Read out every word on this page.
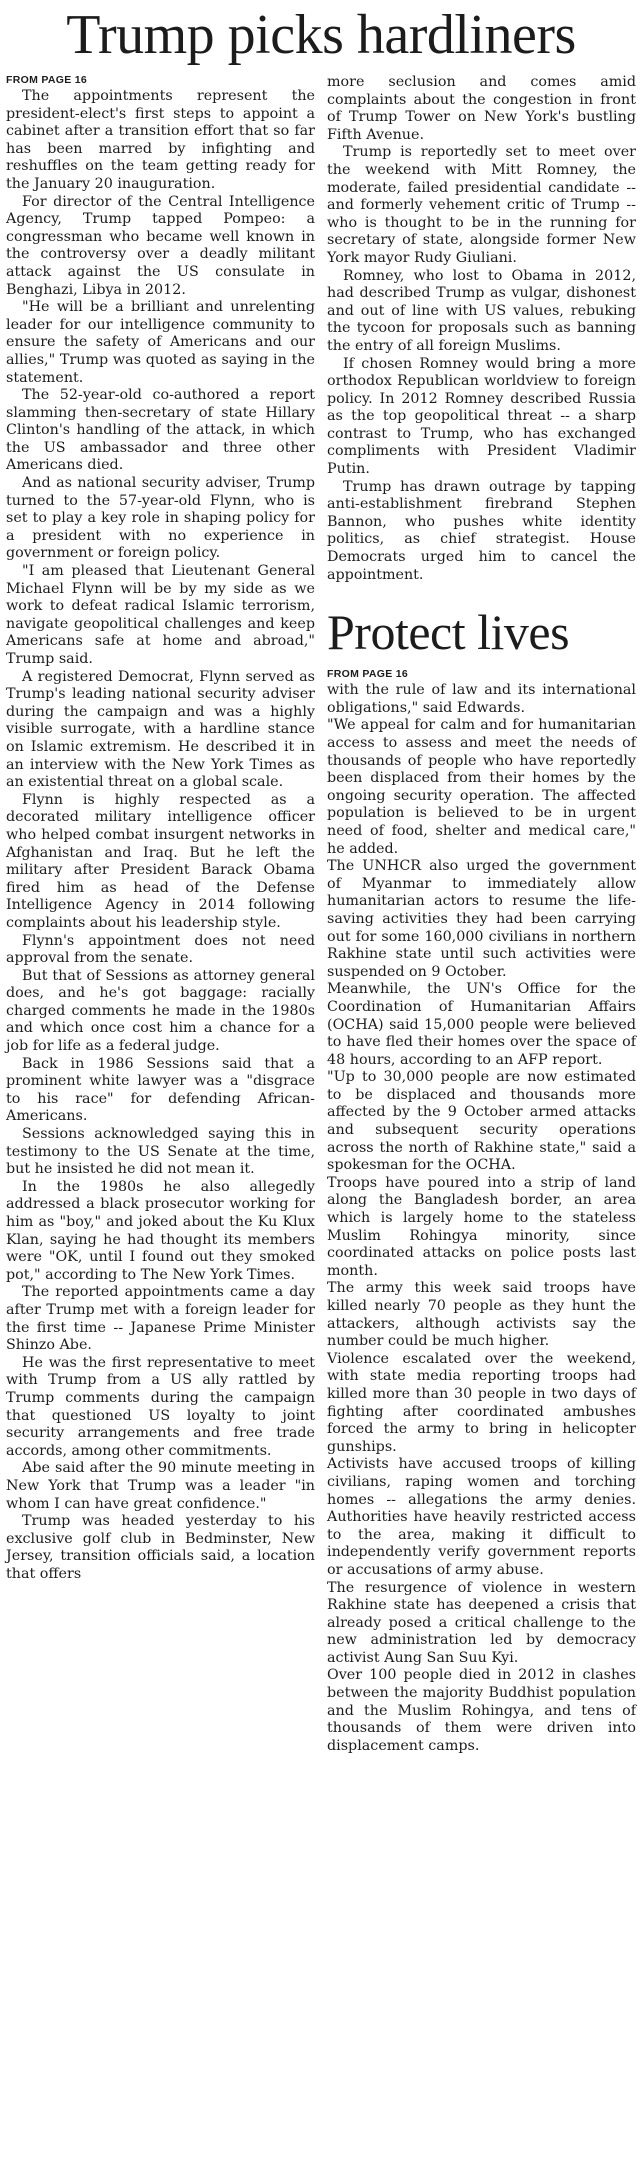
Trump picks hardliners
FROM PAGE 16

The appointments represent the president-elect's first steps to appoint a cabinet after a transition effort that so far has been marred by infighting and reshuffles on the team getting ready for the January 20 inauguration.

For director of the Central Intelligence Agency, Trump tapped Pompeo: a congressman who became well known in the controversy over a deadly militant attack against the US consulate in Benghazi, Libya in 2012.

"He will be a brilliant and unrelenting leader for our intelligence community to ensure the safety of Americans and our allies," Trump was quoted as saying in the statement.

The 52-year-old co-authored a report slamming then-secretary of state Hillary Clinton's handling of the attack, in which the US ambassador and three other Americans died.

And as national security adviser, Trump turned to the 57-year-old Flynn, who is set to play a key role in shaping policy for a president with no experience in government or foreign policy.

"I am pleased that Lieutenant General Michael Flynn will be by my side as we work to defeat radical Islamic terrorism, navigate geopolitical challenges and keep Americans safe at home and abroad," Trump said.

A registered Democrat, Flynn served as Trump's leading national security adviser during the campaign and was a highly visible surrogate, with a hardline stance on Islamic extremism. He described it in an interview with the New York Times as an existential threat on a global scale.

Flynn is highly respected as a decorated military intelligence officer who helped combat insurgent networks in Afghanistan and Iraq. But he left the military after President Barack Obama fired him as head of the Defense Intelligence Agency in 2014 following complaints about his leadership style.

Flynn's appointment does not need approval from the senate.

But that of Sessions as attorney general does, and he's got baggage: racially charged comments he made in the 1980s and which once cost him a chance for a job for life as a federal judge.

Back in 1986 Sessions said that a prominent white lawyer was a "disgrace to his race" for defending African-Americans.

Sessions acknowledged saying this in testimony to the US Senate at the time, but he insisted he did not mean it.

In the 1980s he also allegedly addressed a black prosecutor working for him as "boy," and joked about the Ku Klux Klan, saying he had thought its members were "OK, until I found out they smoked pot," according to The New York Times.

The reported appointments came a day after Trump met with a foreign leader for the first time -- Japanese Prime Minister Shinzo Abe.

He was the first representative to meet with Trump from a US ally rattled by Trump comments during the campaign that questioned US loyalty to joint security arrangements and free trade accords, among other commitments.

Abe said after the 90 minute meeting in New York that Trump was a leader "in whom I can have great confidence."

Trump was headed yesterday to his exclusive golf club in Bedminster, New Jersey, transition officials said, a location that offers

more seclusion and comes amid complaints about the congestion in front of Trump Tower on New York's bustling Fifth Avenue.

Trump is reportedly set to meet over the weekend with Mitt Romney, the moderate, failed presidential candidate -- and formerly vehement critic of Trump -- who is thought to be in the running for secretary of state, alongside former New York mayor Rudy Giuliani.

Romney, who lost to Obama in 2012, had described Trump as vulgar, dishonest and out of line with US values, rebuking the tycoon for proposals such as banning the entry of all foreign Muslims.

If chosen Romney would bring a more orthodox Republican worldview to foreign policy. In 2012 Romney described Russia as the top geopolitical threat -- a sharp contrast to Trump, who has exchanged compliments with President Vladimir Putin.

Trump has drawn outrage by tapping anti-establishment firebrand Stephen Bannon, who pushes white identity politics, as chief strategist. House Democrats urged him to cancel the appointment.

Protect lives
FROM PAGE 16

with the rule of law and its international obligations," said Edwards.

"We appeal for calm and for humanitarian access to assess and meet the needs of thousands of people who have reportedly been displaced from their homes by the ongoing security operation. The affected population is believed to be in urgent need of food, shelter and medical care," he added.

The UNHCR also urged the government of Myanmar to immediately allow humanitarian actors to resume the life-saving activities they had been carrying out for some 160,000 civilians in northern Rakhine state until such activities were suspended on 9 October.

Meanwhile, the UN's Office for the Coordination of Humanitarian Affairs (OCHA) said 15,000 people were believed to have fled their homes over the space of 48 hours, according to an AFP report.

"Up to 30,000 people are now estimated to be displaced and thousands more affected by the 9 October armed attacks and subsequent security operations across the north of Rakhine state," said a spokesman for the OCHA.

Troops have poured into a strip of land along the Bangladesh border, an area which is largely home to the stateless Muslim Rohingya minority, since coordinated attacks on police posts last month.

The army this week said troops have killed nearly 70 people as they hunt the attackers, although activists say the number could be much higher.

Violence escalated over the weekend, with state media reporting troops had killed more than 30 people in two days of fighting after coordinated ambushes forced the army to bring in helicopter gunships.

Activists have accused troops of killing civilians, raping women and torching homes -- allegations the army denies. Authorities have heavily restricted access to the area, making it difficult to independently verify government reports or accusations of army abuse.

The resurgence of violence in western Rakhine state has deepened a crisis that already posed a critical challenge to the new administration led by democracy activist Aung San Suu Kyi.

Over 100 people died in 2012 in clashes between the majority Buddhist population and the Muslim Rohingya, and tens of thousands of them were driven into displacement camps.
